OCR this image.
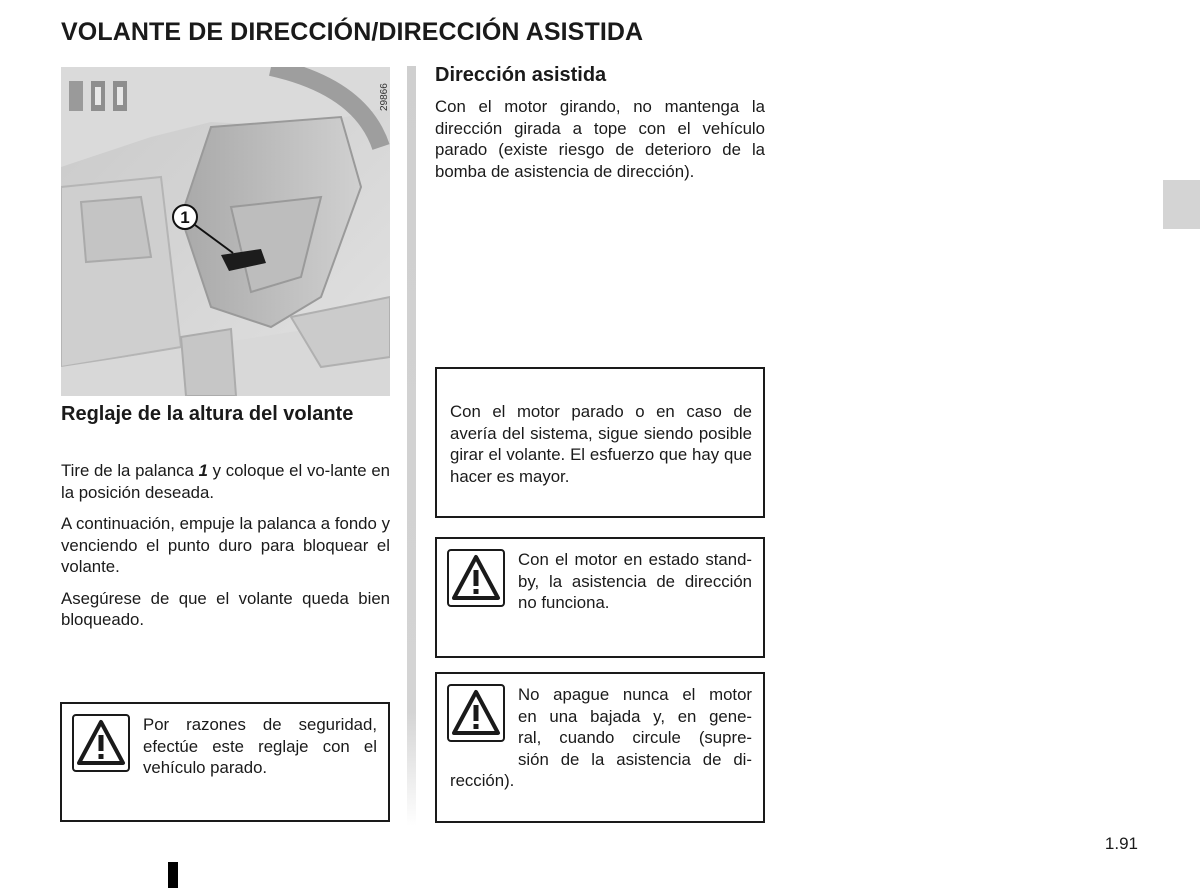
VOLANTE DE DIRECCIÓN/DIRECCIÓN ASISTIDA
1
29866
Reglaje de la altura del volante

Tire de la palanca 1 y coloque el vo-lante en la posición deseada.

A continuación, empuje la palanca a fondo y venciendo el punto duro para bloquear el volante.

Asegúrese de que el volante queda bien bloqueado.

Por razones de seguridad, efectúe este reglaje con el vehículo parado.
Dirección asistida
Con el motor girando, no mantenga la dirección girada a tope con el vehículo parado (existe riesgo de deterioro de la bomba de asistencia de dirección).
Con el motor parado o en caso de avería del sistema, sigue siendo posible girar el volante. El esfuerzo que hay que hacer es mayor.
Con el motor en estado stand-by, la asistencia de dirección no funciona.
No apague nunca el motor
en una bajada y, en gene-
ral, cuando circule (supre-
sión de la asistencia de di-
rección).
1.91
